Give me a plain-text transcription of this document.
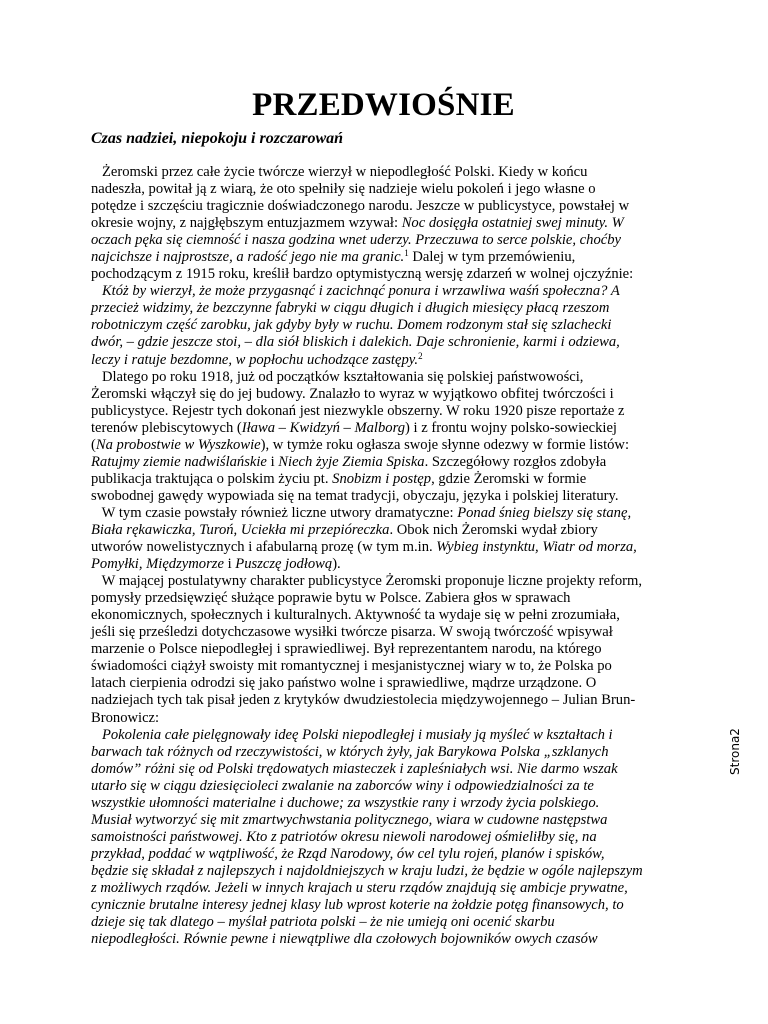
PRZEDWIOŚNIE
Czas nadziei, niepokoju i rozczarowań
Żeromski przez całe życie twórcze wierzył w niepodległość Polski. Kiedy w końcu
nadeszła, powitał ją z wiarą, że oto spełniły się nadzieje wielu pokoleń i jego własne o
potędze i szczęściu tragicznie doświadczonego narodu. Jeszcze w publicystyce, powstałej w
okresie wojny, z najgłębszym entuzjazmem wzywał: Noc dosięgła ostatniej swej minuty. W
oczach pęka się ciemność i nasza godzina wnet uderzy. Przeczuwa to serce polskie, choćby
najcichsze i najprostsze, a radość jego nie ma granic.$^1$ Dalej w tym przemówieniu,
pochodzącym z 1915 roku, kreślił bardzo optymistyczną wersję zdarzeń w wolnej ojczyźnie:
Któż by wierzył, że może przygasnąć i zacichnąć ponura i wrzawliwa waśń społeczna? A
przecież widzimy, że bezczynne fabryki w ciągu długich i długich miesięcy płacą rzeszom
robotniczym część zarobku, jak gdyby były w ruchu. Domem rodzonym stał się szlachecki
dwór, – gdzie jeszcze stoi, – dla siół bliskich i dalekich. Daje schronienie, karmi i odziewa,
leczy i ratuje bezdomne, w popłochu uchodzące zastępy.$^2$
Dlatego po roku 1918, już od początków kształtowania się polskiej państwowości,
Żeromski włączył się do jej budowy. Znalazło to wyraz w wyjątkowo obfitej twórczości i
publicystyce. Rejestr tych dokonań jest niezwykle obszerny. W roku 1920 pisze reportaże z
terenów plebiscytowych (Iława – Kwidzyń – Malborg) i z frontu wojny polsko-sowieckiej
(Na probostwie w Wyszkowie), w tymże roku ogłasza swoje słynne odezwy w formie listów:
Ratujmy ziemie nadwiślańskie i Niech żyje Ziemia Spiska. Szczegółowy rozgłos zdobyła
publikacja traktująca o polskim życiu pt. Snobizm i postęp, gdzie Żeromski w formie
swobodnej gawędy wypowiada się na temat tradycji, obyczaju, języka i polskiej literatury.
W tym czasie powstały również liczne utwory dramatyczne: Ponad śnieg bielszy się stanę,
Biała rękawiczka, Turoń, Uciekła mi przepióreczka. Obok nich Żeromski wydał zbiory
utworów nowelistycznych i afabularną prozę (w tym m.in. Wybieg instynktu, Wiatr od morza,
Pomyłki, Międzymorze i Puszczę jodłową).
W mającej postulatywny charakter publicystyce Żeromski proponuje liczne projekty reform,
pomysły przedsięwzięć służące poprawie bytu w Polsce. Zabiera głos w sprawach
ekonomicznych, społecznych i kulturalnych. Aktywność ta wydaje się w pełni zrozumiała,
jeśli się prześledzi dotychczasowe wysiłki twórcze pisarza. W swoją twórczość wpisywał
marzenie o Polsce niepodległej i sprawiedliwej. Był reprezentantem narodu, na którego
świadomości ciążył swoisty mit romantycznej i mesjanistycznej wiary w to, że Polska po
latach cierpienia odrodzi się jako państwo wolne i sprawiedliwe, mądrze urządzone. O
nadziejach tych tak pisał jeden z krytyków dwudziestolecia międzywojennego – Julian Brun-
Bronowicz:
Pokolenia całe pielęgnowały ideę Polski niepodległej i musiały ją myśleć w kształtach i
barwach tak różnych od rzeczywistości, w których żyły, jak Barykowa Polska „szklanych
domów” różni się od Polski trędowatych miasteczek i zapleśniałych wsi. Nie darmo wszak
utarło się w ciągu dziesięcioleci zwalanie na zaborców winy i odpowiedzialności za te
wszystkie ułomności materialne i duchowe; za wszystkie rany i wrzody życia polskiego.
Musiał wytworzyć się mit zmartwychwstania politycznego, wiara w cudowne następstwa
samoistności państwowej. Kto z patriotów okresu niewoli narodowej ośmieliłby się, na
przykład, poddać w wątpliwość, że Rząd Narodowy, ów cel tylu rojeń, planów i spisków,
będzie się składał z najlepszych i najdoldniejszych w kraju ludzi, że będzie w ogóle najlepszym
z możliwych rządów. Jeżeli w innych krajach u steru rządów znajdują się ambicje prywatne,
cynicznie brutalne interesy jednej klasy lub wprost koterie na żołdzie potęg finansowych, to
dzieje się tak dlatego – myślał patriota polski – że nie umieją oni ocenić skarbu
niepodległości. Równie pewne i niewątpliwe dla czołowych bojowników owych czasów
Strona2
